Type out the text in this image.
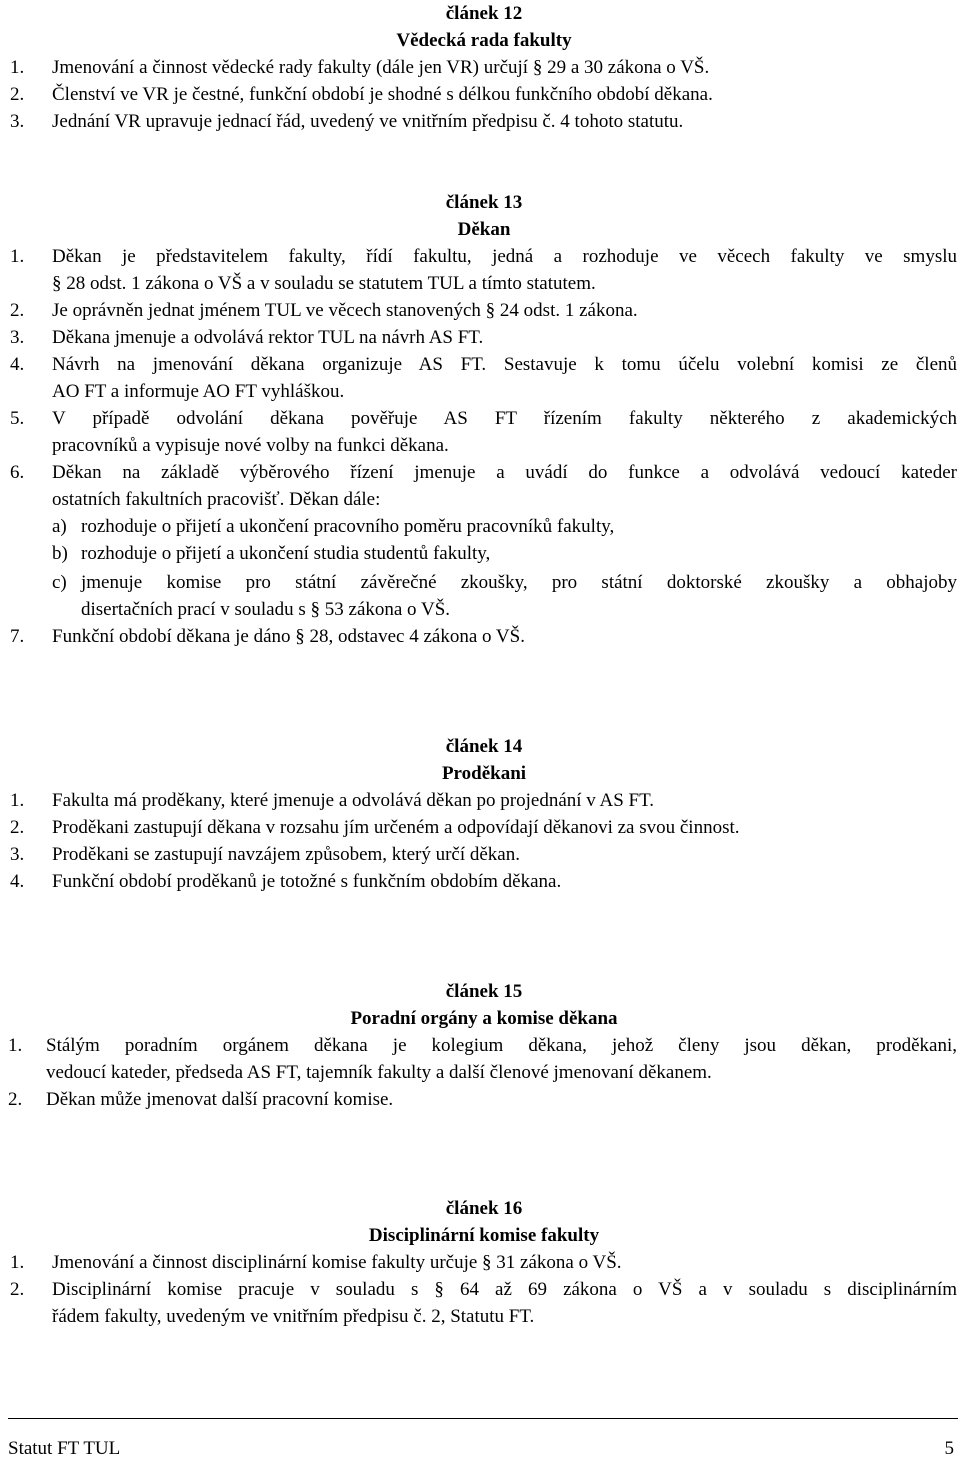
článek 12
Vědecká rada fakulty
1. Jmenování a činnost vědecké rady fakulty (dále jen VR) určují § 29 a 30 zákona o VŠ.
2. Členství ve VR je čestné, funkční období je shodné s délkou funkčního období děkana.
3. Jednání VR upravuje jednací řád, uvedený ve vnitřním předpisu č. 4 tohoto statutu.
článek 13
Děkan
1. Děkan je představitelem fakulty, řídí fakultu, jedná a rozhoduje ve věcech fakulty ve smyslu
§ 28 odst. 1 zákona o VŠ a v souladu se statutem TUL a tímto statutem.
2. Je oprávněn jednat jménem TUL ve věcech stanovených § 24 odst. 1 zákona.
3. Děkana jmenuje a odvolává rektor TUL na návrh AS FT.
4. Návrh na jmenování děkana organizuje AS FT. Sestavuje k tomu účelu volební komisi ze členů
AO FT a informuje AO FT vyhláškou.
5. V případě odvolání děkana pověřuje AS FT řízením fakulty některého z akademických
pracovníků a vypisuje nové volby na funkci děkana.
6. Děkan na základě výběrového řízení jmenuje a uvádí do funkce a odvolává vedoucí kateder
ostatních fakultních pracovišť. Děkan dále:
a) rozhoduje o přijetí a ukončení pracovního poměru pracovníků fakulty,
b) rozhoduje o přijetí a ukončení studia studentů fakulty,
c) jmenuje komise pro státní závěrečné zkoušky, pro státní doktorské zkoušky a obhajoby
disertačních prací v souladu s § 53 zákona o VŠ.
7. Funkční období děkana je dáno § 28, odstavec 4 zákona o VŠ.
článek 14
Proděkani
1. Fakulta má proděkany, které jmenuje a odvolává děkan po projednání v AS FT.
2. Proděkani zastupují děkana v rozsahu jím určeném a odpovídají děkanovi za svou činnost.
3. Proděkani se zastupují navzájem způsobem, který určí děkan.
4. Funkční období proděkanů je totožné s funkčním obdobím děkana.
článek 15
Poradní orgány a komise děkana
1. Stálým poradním orgánem děkana je kolegium děkana, jehož členy jsou děkan, proděkani,
vedoucí kateder, předseda AS FT, tajemník fakulty a další členové jmenovaní děkanem.
2. Děkan může jmenovat další pracovní komise.
článek 16
Disciplinární komise fakulty
1. Jmenování a činnost disciplinární komise fakulty určuje § 31 zákona o VŠ.
2. Disciplinární komise pracuje v souladu s § 64 až 69 zákona o VŠ a v souladu s disciplinárním
řádem fakulty, uvedeným ve vnitřním předpisu č. 2, Statutu FT.
Statut FT TUL	5
